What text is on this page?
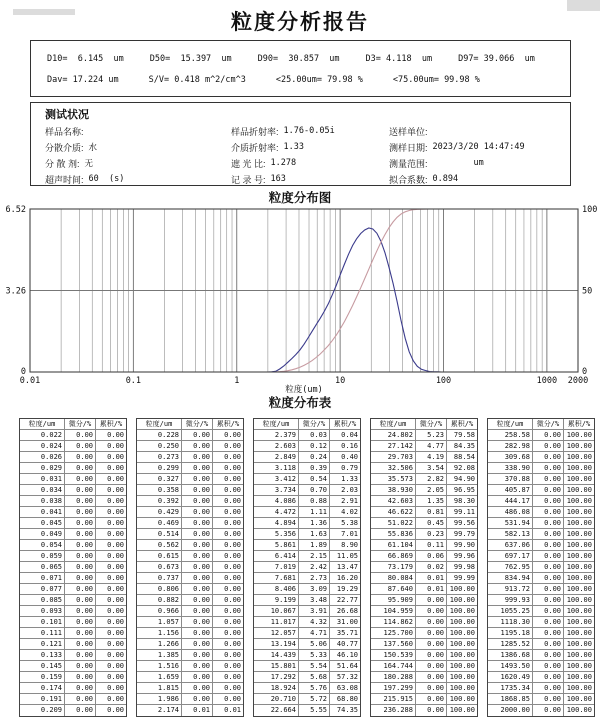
粒度分析报告
6.52
3.26
0
100
50
0
0.01	0.1	1	10	100	1000 2000
粒度(um)
D10=  6.145  um	D50=  15.397  um	D90=  30.857  um	D3= 4.118  um	D97= 39.066  um
Dav= 17.224 um	S/V= 0.418 m^2/cm^3	<25.00um= 79.98 %	<75.00um= 99.98 %
测试状况
样品名称:
分散介质: 水
分 散 剂: 无
超声时间: 60  (s)
样品折射率: 1.76-0.05i
介质折射率: 1.33
遮 光 比: 1.278
记 录 号: 163
送样单位:
测样日期: 2023/3/20 14:47:49
测量范围: um
拟合系数: 0.894
粒度分布图
粒度分布表
粒度/um	微分/%	累积/%
0.022	0.00	0.00
0.024	0.00	0.00
0.026	0.00	0.00
0.029	0.00	0.00
0.031	0.00	0.00
0.034	0.00	0.00
0.038	0.00	0.00
0.041	0.00	0.00
0.045	0.00	0.00
0.049	0.00	0.00
0.054	0.00	0.00
0.059	0.00	0.00
0.065	0.00	0.00
0.071	0.00	0.00
0.077	0.00	0.00
0.085	0.00	0.00
0.093	0.00	0.00
0.101	0.00	0.00
0.111	0.00	0.00
0.121	0.00	0.00
0.133	0.00	0.00
0.145	0.00	0.00
0.159	0.00	0.00
0.174	0.00	0.00
0.191	0.00	0.00
0.209	0.00	0.00
粒度/um	微分/%	累积/%
0.228	0.00	0.00
0.250	0.00	0.00
0.273	0.00	0.00
0.299	0.00	0.00
0.327	0.00	0.00
0.358	0.00	0.00
0.392	0.00	0.00
0.429	0.00	0.00
0.469	0.00	0.00
0.514	0.00	0.00
0.562	0.00	0.00
0.615	0.00	0.00
0.673	0.00	0.00
0.737	0.00	0.00
0.806	0.00	0.00
0.882	0.00	0.00
0.966	0.00	0.00
1.057	0.00	0.00
1.156	0.00	0.00
1.266	0.00	0.00
1.385	0.00	0.00
1.516	0.00	0.00
1.659	0.00	0.00
1.815	0.00	0.00
1.986	0.00	0.00
2.174	0.01	0.01
粒度/um	微分/%	累积/%
2.379	0.03	0.04
2.603	0.12	0.16
2.849	0.24	0.40
3.118	0.39	0.79
3.412	0.54	1.33
3.734	0.70	2.03
4.086	0.88	2.91
4.472	1.11	4.02
4.894	1.36	5.38
5.356	1.63	7.01
5.861	1.89	8.90
6.414	2.15	11.05
7.019	2.42	13.47
7.681	2.73	16.20
8.406	3.09	19.29
9.199	3.48	22.77
10.067	3.91	26.68
11.017	4.32	31.00
12.057	4.71	35.71
13.194	5.06	40.77
14.439	5.33	46.10
15.801	5.54	51.64
17.292	5.68	57.32
18.924	5.76	63.08
20.710	5.72	68.80
22.664	5.55	74.35
粒度/um	微分/%	累积/%
24.802	5.23	79.58
27.142	4.77	84.35
29.703	4.19	88.54
32.506	3.54	92.08
35.573	2.82	94.90
38.930	2.05	96.95
42.603	1.35	98.30
46.622	0.81	99.11
51.022	0.45	99.56
55.836	0.23	99.79
61.104	0.11	99.90
66.869	0.06	99.96
73.179	0.02	99.98
80.084	0.01	99.99
87.640	0.01 100.00
95.909	0.00 100.00
104.959	0.00 100.00
114.862	0.00 100.00
125.700	0.00 100.00
137.560	0.00 100.00
150.539	0.00 100.00
164.744	0.00 100.00
180.288	0.00 100.00
197.299	0.00 100.00
215.915	0.00 100.00
236.288	0.00 100.00
粒度/um	微分/%	累积/%
258.58	0.00 100.00
282.98	0.00 100.00
309.68	0.00 100.00
338.90	0.00 100.00
370.88	0.00 100.00
405.87	0.00 100.00
444.17	0.00 100.00
486.08	0.00 100.00
531.94	0.00 100.00
582.13	0.00 100.00
637.06	0.00 100.00
697.17	0.00 100.00
762.95	0.00 100.00
834.94	0.00 100.00
913.72	0.00 100.00
999.93	0.00 100.00
1055.25	0.00 100.00
1118.30	0.00 100.00
1195.18	0.00 100.00
1285.52	0.00 100.00
1386.68	0.00 100.00
1493.50	0.00 100.00
1620.49	0.00 100.00
1735.34	0.00 100.00
1868.85	0.00 100.00
2000.00	0.00 100.00
